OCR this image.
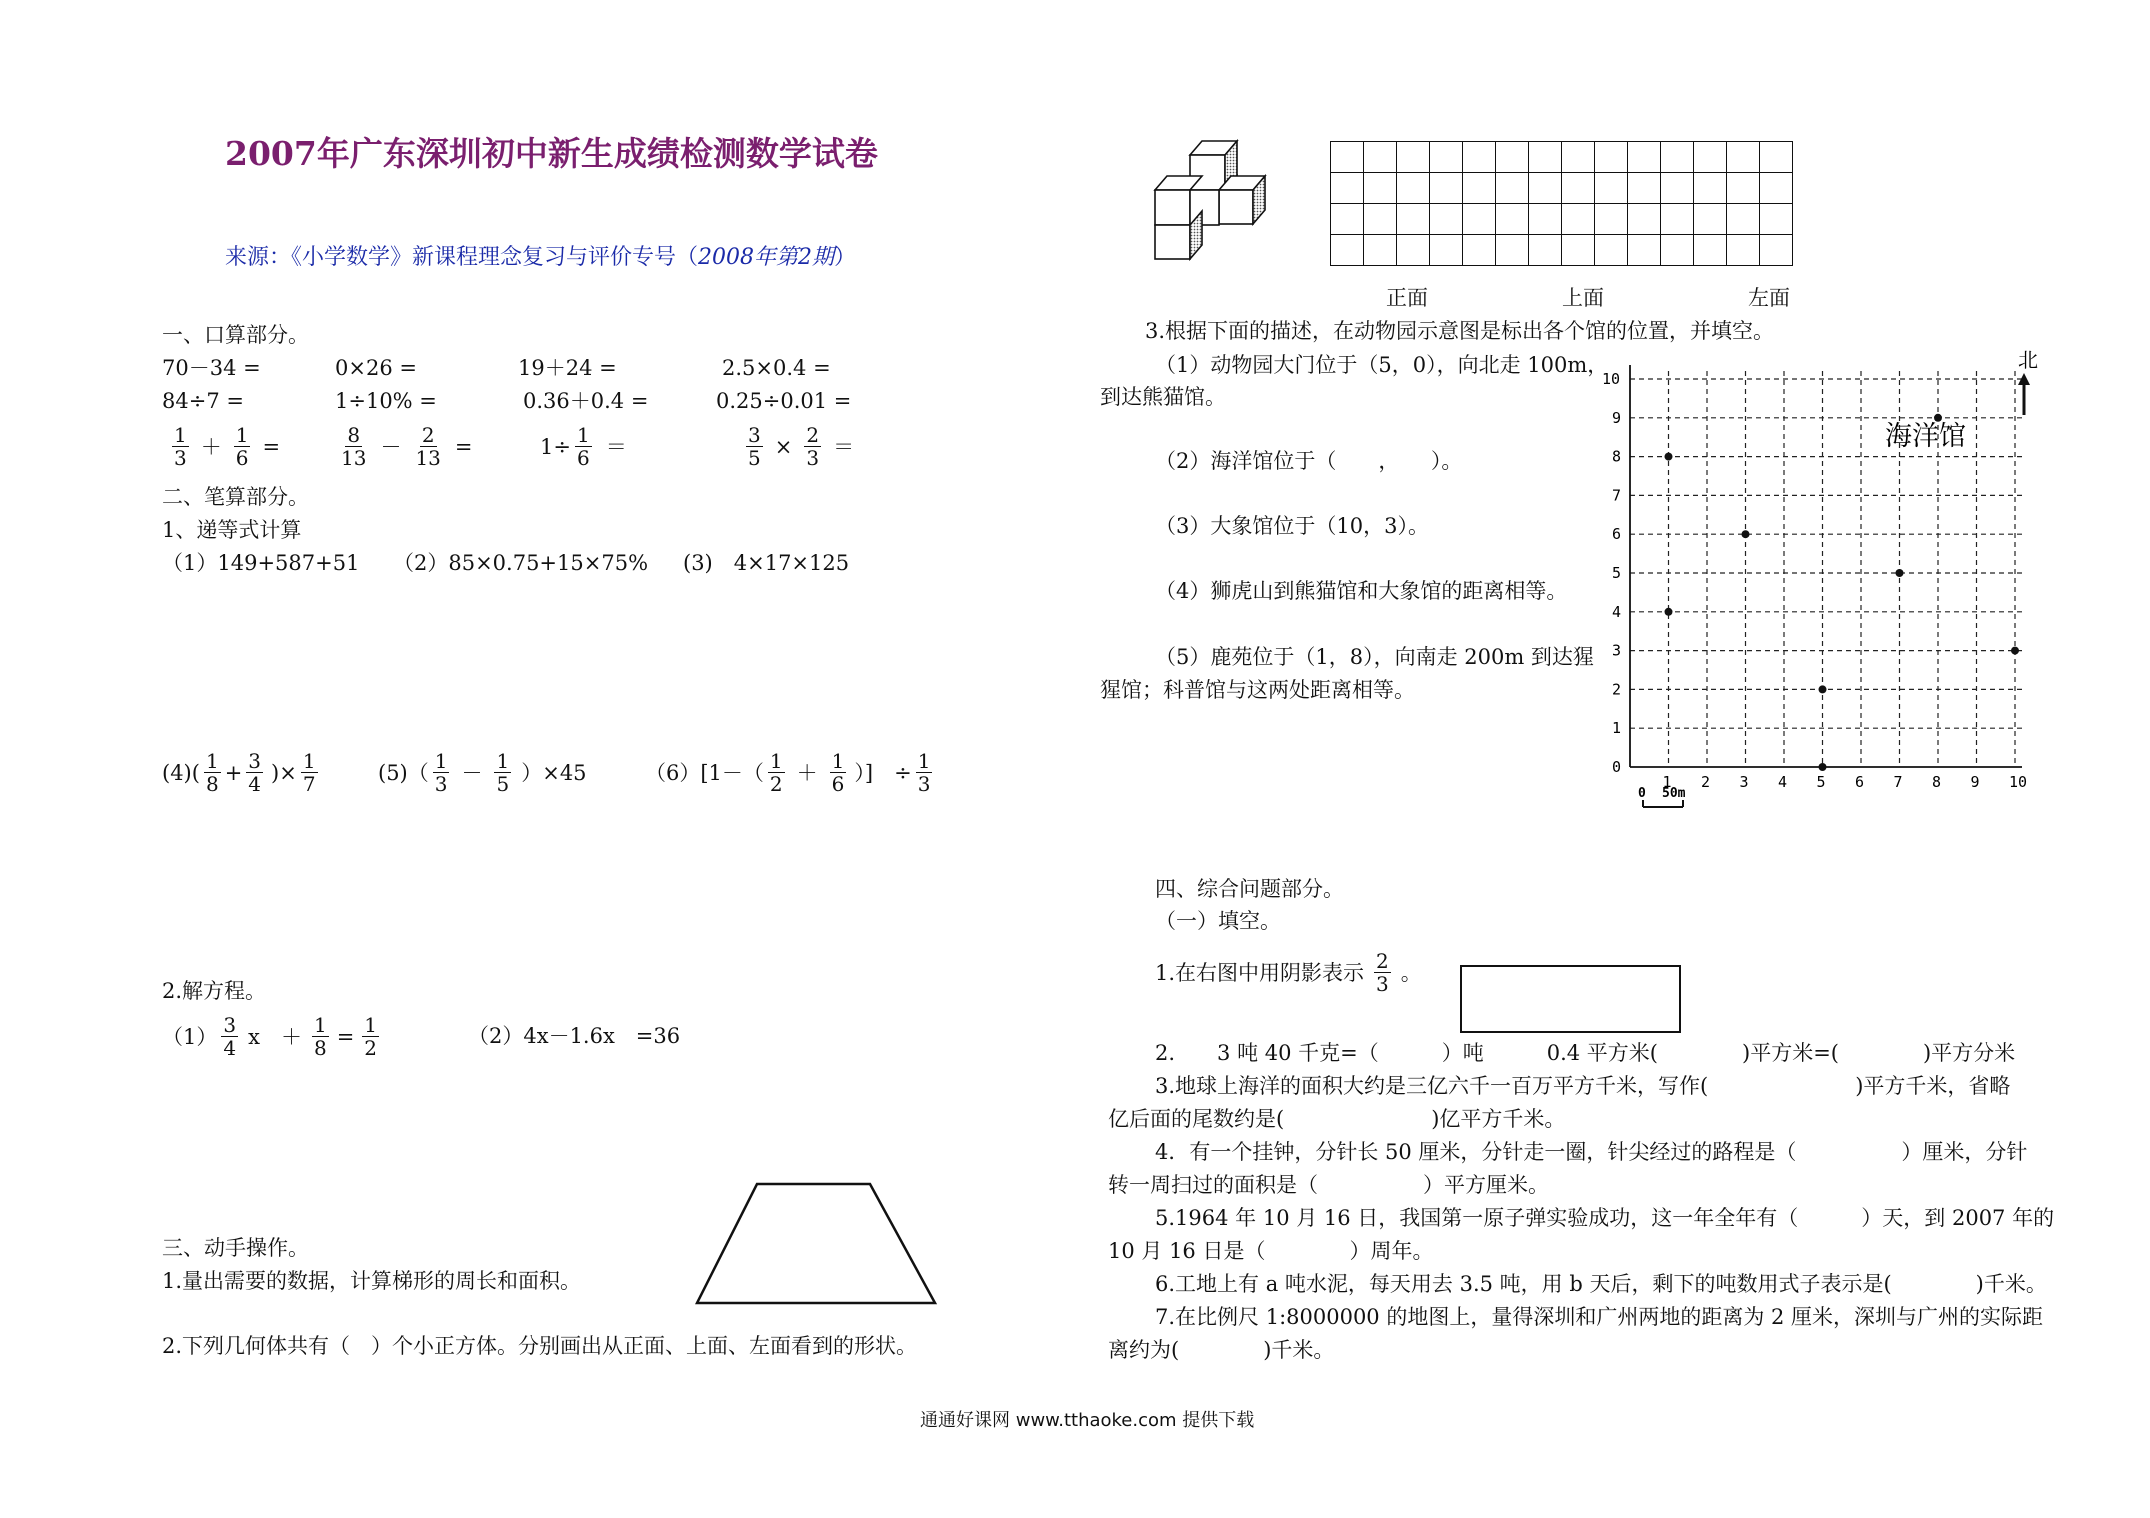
2007年广东深圳初中新生成绩检测数学试卷
来源：《小学数学》新课程理念复习与评价专号（2008年第2期）
一、口算部分。
70－34 =	0×26 =	19＋24 =	2.5×0.4 =
84÷7 =	1÷10% =	0.36＋0.4 =	0.25÷0.01 =
$\frac{1}{3} + \frac{1}{6}$ =	$\frac{8}{13} - \frac{2}{13}$ =	$1\div \frac{1}{6}$ ＝	$\frac{3}{5} \times \frac{2}{3}$ ＝
二、笔算部分。
1、递等式计算
（1）149+587+51 （2）85×0.75+15×75% (3)　4×17×125
$(4)( \frac{1}{8} + \frac{3}{4}$ )× $\frac{1}{7}$	$(5)( \frac{1}{3} - \frac{1}{5} )\times 45$	$(6)[1-( \frac{1}{2} + \frac{1}{6}$ ）]　÷ $\frac{1}{3}$
2.解方程。
$(1) \frac{3}{4}$ x　＋ $\frac{1}{8} = \frac{1}{2}$	（2）4x－1.6x　=36
三、动手操作。
1.量出需要的数据，计算梯形的周长和面积。
2.下列几何体共有（　）个小正方体。分别画出从正面、上面、左面看到的形状。

正面	上面	左面
3.根据下面的描述，在动物园示意图是标出各个馆的位置，并填空。
（1）动物园大门位于（5，0），向北走 100m，
到达熊猫馆。
（2）海洋馆位于（　　，　　）。
（3）大象馆位于（10，3）。
（4）狮虎山到熊猫馆和大象馆的距离相等。
（5）鹿苑位于（1，8），向南走 200m 到达猩
猩馆；科普馆与这两处距离相等。
1 2 3 4 5 6 7 8 9 10
0
1
2
3
4
5
6
7
8
9
10
北
海洋馆
0 50m
四、综合问题部分。
（一）填空。
1.在右图中用阴影表示 $\frac{2}{3}$ 。
2.　　3 吨 40 千克=（　　　）吨　　　0.4 平方米(　　　　)平方米=(　　　　)平方分米
3.地球上海洋的面积大约是三亿六千一百万平方千米，写作(　　　　　　　)平方千米，省略
亿后面的尾数约是(　　　　　　　)亿平方千米。
4．有一个挂钟，分针长 50 厘米，分针走一圈，针尖经过的路程是（　　　　　）厘米，分针
转一周扫过的面积是（　　　　　）平方厘米。
5.1964 年 10 月 16 日，我国第一原子弹实验成功，这一年全年有（　　　）天，到 2007 年的
10 月 16 日是（　　　　）周年。
6.工地上有 a 吨水泥，每天用去 3.5 吨，用 b 天后，剩下的吨数用式子表示是(　　　　)千米。
7.在比例尺 1:8000000 的地图上，量得深圳和广州两地的距离为 2 厘米，深圳与广州的实际距
离约为(　　　　)千米。
通通好课网 www.tthaoke.com 提供下载
